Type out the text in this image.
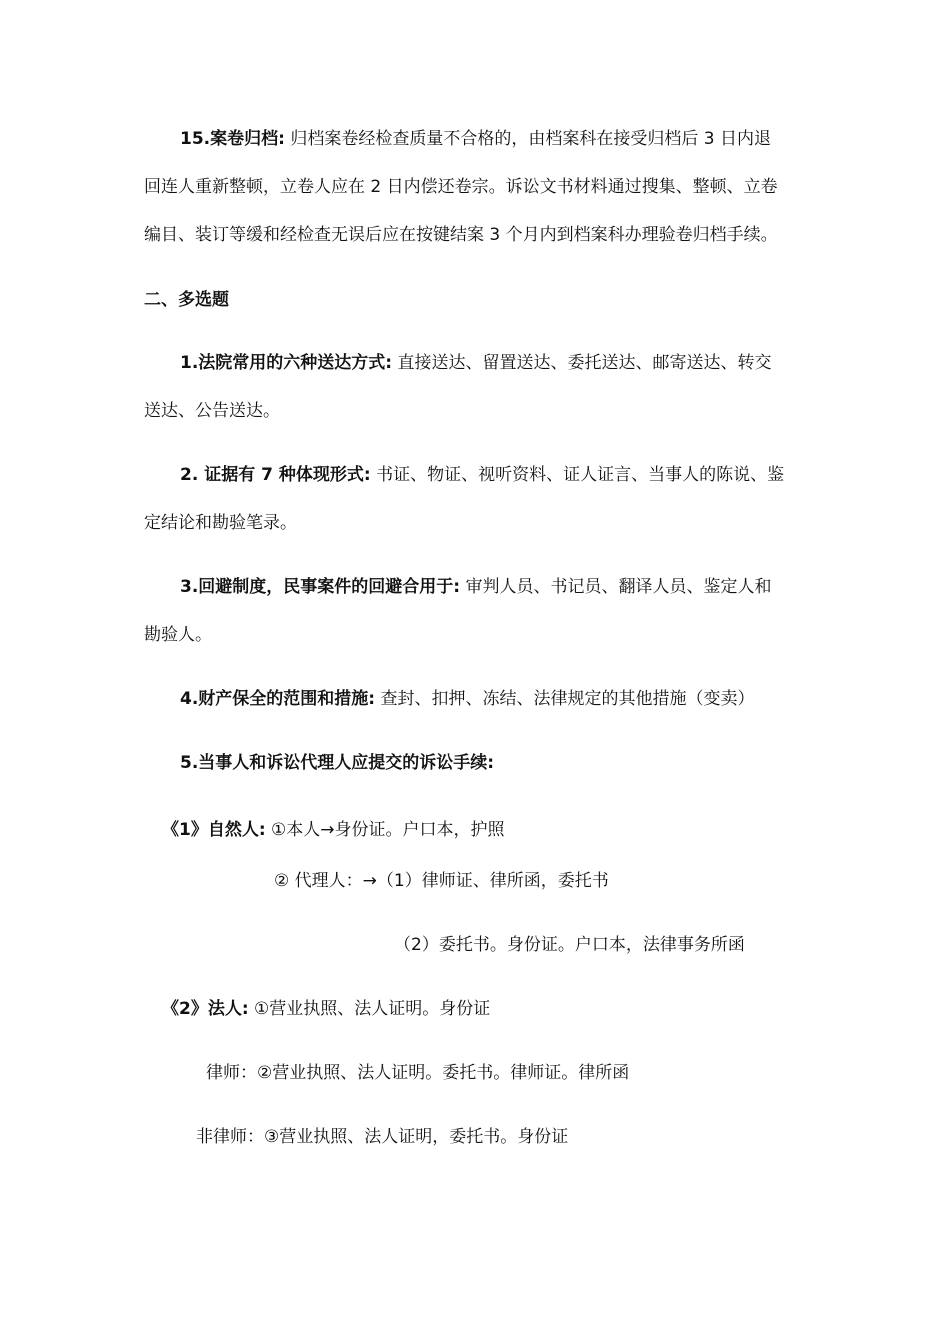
15.案卷归档: 归档案卷经检查质量不合格的，由档案科在接受归档后 3 日内退
回连人重新整顿，立卷人应在 2 日内偿还卷宗。诉讼文书材料通过搜集、整顿、立卷
编目、装订等缓和经检查无误后应在按键结案 3 个月内到档案科办理验卷归档手续。
二、多选题
1.法院常用的六种送达方式: 直接送达、留置送达、委托送达、邮寄送达、转交
送达、公告送达。
2. 证据有 7 种体现形式: 书证、物证、视听资料、证人证言、当事人的陈说、鉴
定结论和勘验笔录。
3.回避制度，民事案件的回避合用于: 审判人员、书记员、翻译人员、鉴定人和
勘验人。
4.财产保全的范围和措施: 查封、扣押、冻结、法律规定的其他措施（变卖）
5.当事人和诉讼代理人应提交的诉讼手续:
《1》自然人: ①本人→身份证。户口本，护照
② 代理人：→（1）律师证、律所函，委托书
（2）委托书。身份证。户口本，法律事务所函
《2》法人: ①营业执照、法人证明。身份证
律师：②营业执照、法人证明。委托书。律师证。律所函
非律师：③营业执照、法人证明，委托书。身份证
